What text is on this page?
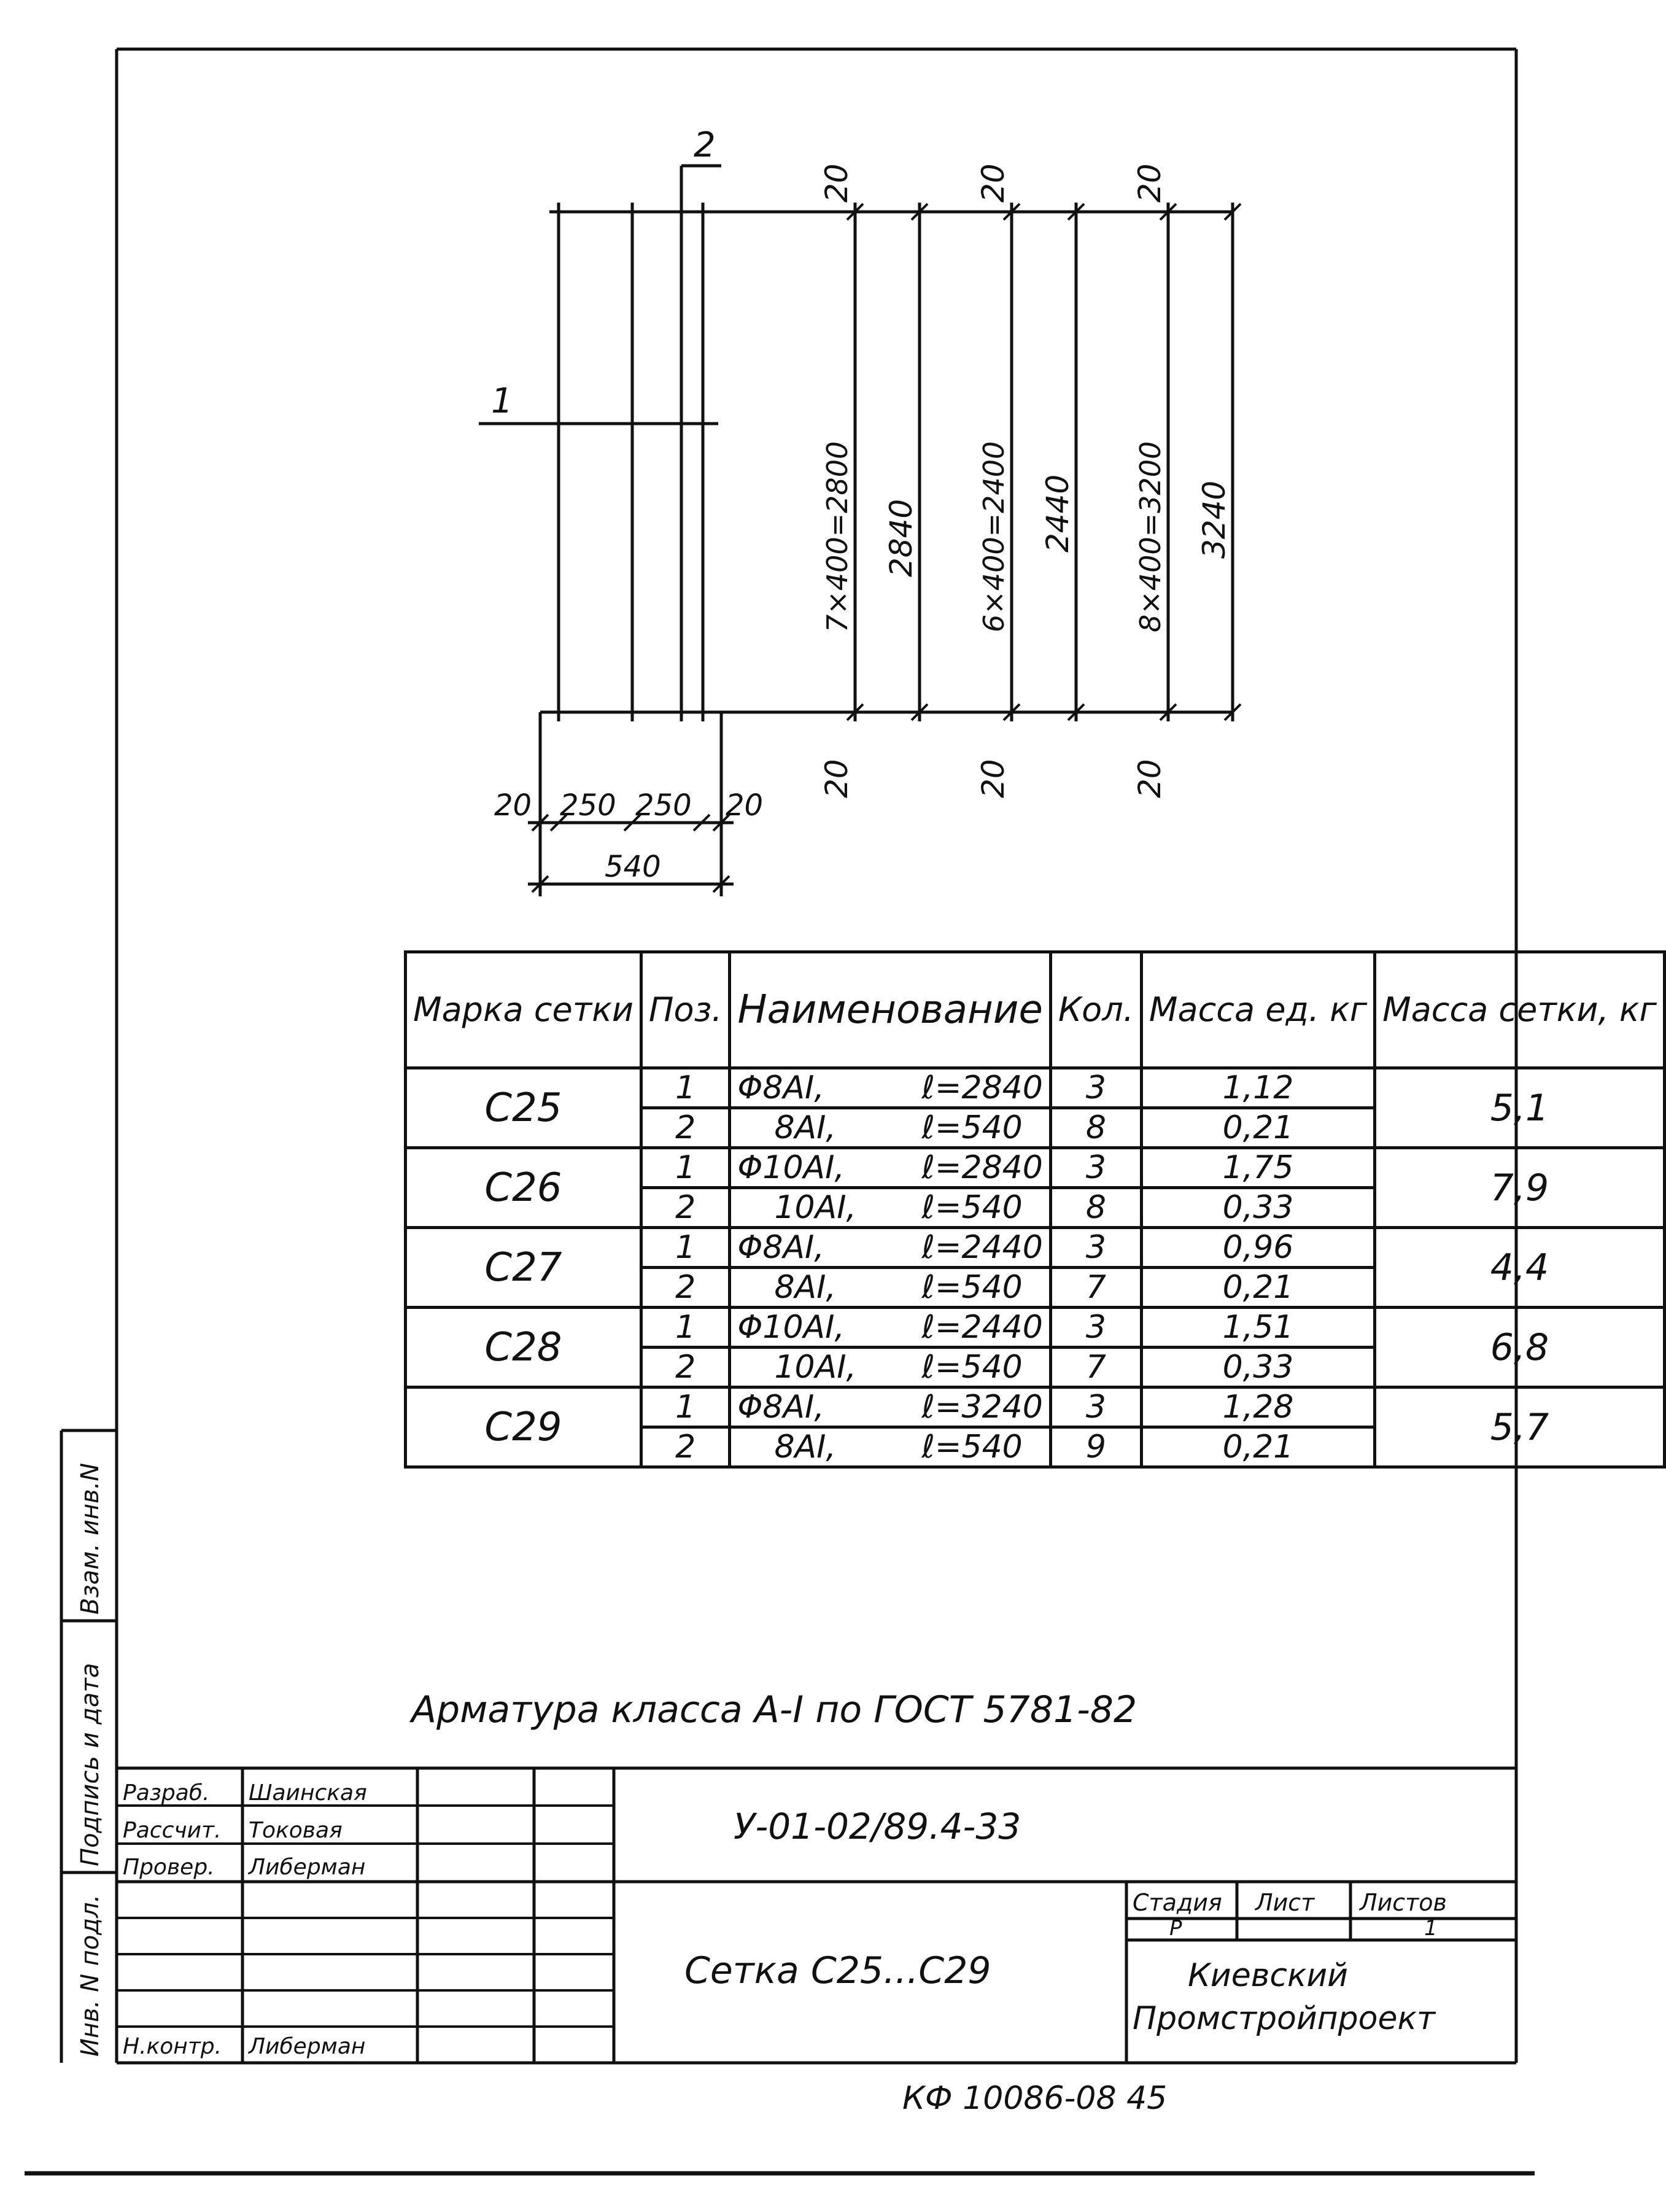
2
1
20	20	20
20	20	20
7×400=2800 2840 6×400=2400 2440 8×400=3200 3240
20 250 250 20
540
Инв. N подл.
Подпись и дата
Взам. инв.N
Арматура класса А-I по ГОСТ 5781-82
Разраб. Шаинская
Рассчит. Токовая
Провер. Либерман
Н.контр. Либерман
У-01-02/89.4-33
Сетка С25...С29
Стадия Лист Листов
Р	1
Киевский
Промстройпроект
КФ 10086-08 45
Марка сетки	Поз.	Наименование	Кол.	Масса ед. кг	Масса сетки, кг
С25	1	Φ8АI, ℓ=2840	3	1,12	5,1
	2	8АI, ℓ=540	8	0,21	
С26	1	Φ10АI, ℓ=2840	3	1,75	7,9
	2	10АI, ℓ=540	8	0,33	
С27	1	Φ8АI, ℓ=2440	3	0,96	4,4
	2	8АI, ℓ=540	7	0,21	
С28	1	Φ10АI, ℓ=2440	3	1,51	6,8
	2	10АI, ℓ=540	7	0,33	
С29	1	Φ8АI, ℓ=3240	3	1,28	5,7
	2	8АI, ℓ=540	9	0,21	
